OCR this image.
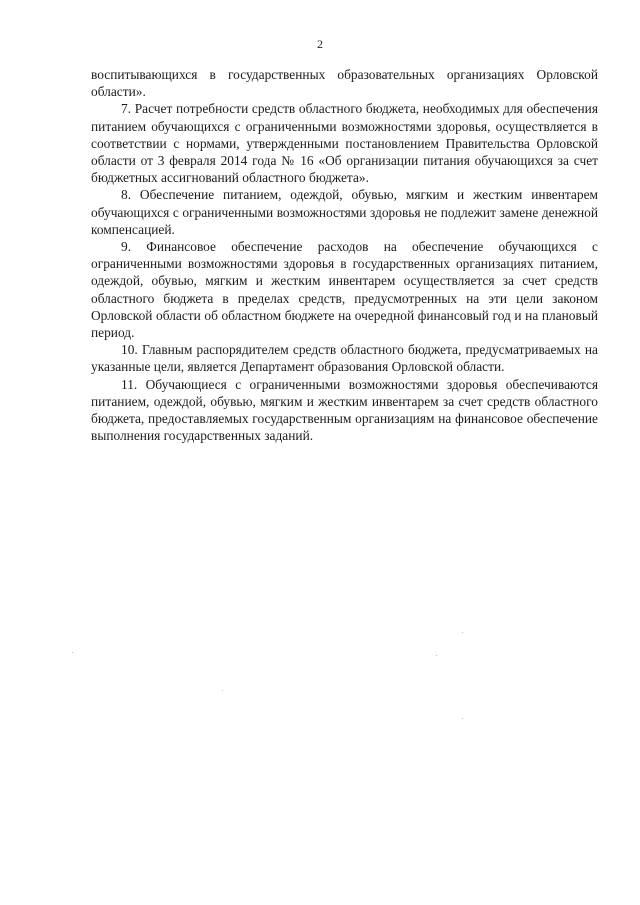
2

воспитывающихся в государственных образовательных организациях Орловской области».

7. Расчет потребности средств областного бюджета, необходимых для обеспечения питанием обучающихся с ограниченными возможностями здоровья, осуществляется в соответствии с нормами, утвержденными постановлением Правительства Орловской области от 3 февраля 2014 года № 16 «Об организации питания обучающихся за счет бюджетных ассигнований областного бюджета».

8. Обеспечение питанием, одеждой, обувью, мягким и жестким инвентарем обучающихся с ограниченными возможностями здоровья не подлежит замене денежной компенсацией.

9. Финансовое обеспечение расходов на обеспечение обучающихся с ограниченными возможностями здоровья в государственных организациях питанием, одеждой, обувью, мягким и жестким инвентарем осуществляется за счет средств областного бюджета в пределах средств, предусмотренных на эти цели законом Орловской области об областном бюджете на очередной финансовый год и на плановый период.

10. Главным распорядителем средств областного бюджета, предусматриваемых на указанные цели, является Департамент образования Орловской области.

11. Обучающиеся с ограниченными возможностями здоровья обеспечиваются питанием, одеждой, обувью, мягким и жестким инвентарем за счет средств областного бюджета, предоставляемых государственным организациям на финансовое обеспечение выполнения государственных заданий.
